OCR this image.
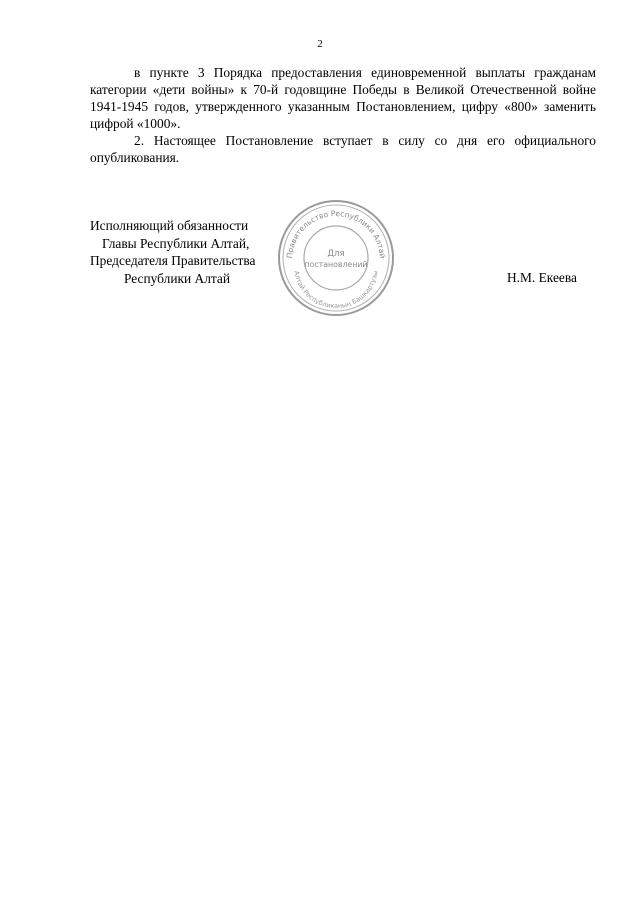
2
в пункте 3 Порядка предоставления единовременной выплаты гражданам категории «дети войны» к 70-й годовщине Победы в Великой Отечественной войне 1941-1945 годов, утвержденного указанным Постановлением, цифру «800» заменить цифрой «1000».
2. Настоящее Постановление вступает в силу со дня его официального опубликования.
Исполняющий обязанности
Главы Республики Алтай,
Председателя Правительства
Республики Алтай	Н.М. Екеева
Правительство Республики Алтай
Алтай Республиканың Башкартузы
Для
постановлений
